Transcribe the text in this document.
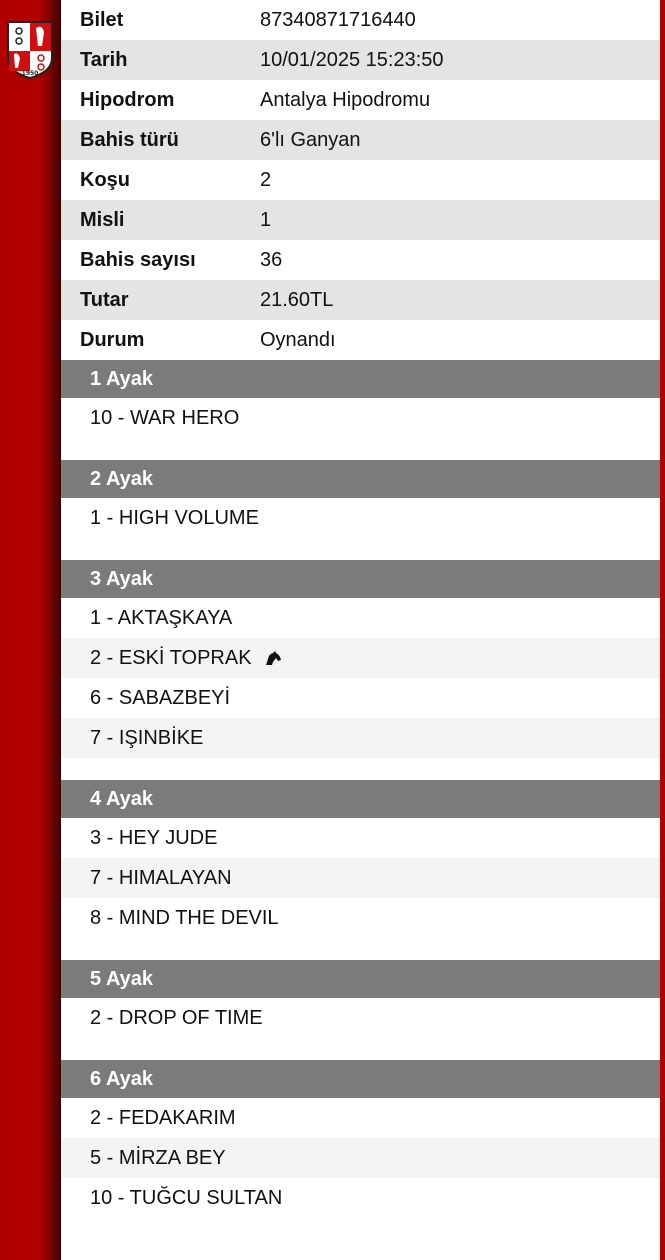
1950
Bilet	87340871716440
Tarih	10/01/2025 15:23:50
Hipodrom	Antalya Hipodromu
Bahis türü	6'lı Ganyan
Koşu	2
Misli	1
Bahis sayısı	36
Tutar	21.60TL
Durum	Oynandı
1 Ayak
10 - WAR HERO
2 Ayak
1 - HIGH VOLUME
3 Ayak
1 - AKTAŞKAYA
2 - ESKİ TOPRAK
6 - SABAZBEYİ
7 - IŞINBİKE
4 Ayak
3 - HEY JUDE
7 - HIMALAYAN
8 - MIND THE DEVIL
5 Ayak
2 - DROP OF TIME
6 Ayak
2 - FEDAKARIM
5 - MİRZA BEY
10 - TUĞCU SULTAN
